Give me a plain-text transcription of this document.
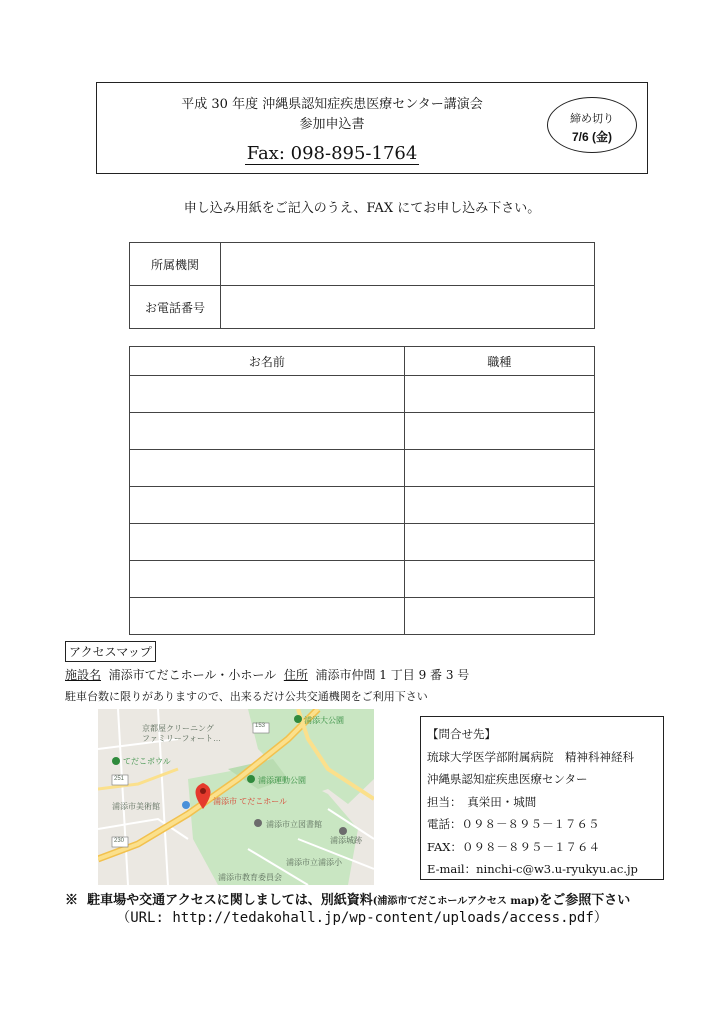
平成 30 年度 沖縄県認知症疾患医療センター講演会
参加申込書
Fax: 098-895-1764
締め切り
7/6 (金)
申し込み用紙をご記入のうえ、FAX にてお申し込み下さい。
所属機関	
お電話番号	
お名前	職種

アクセスマップ
施設名 浦添市てだこホール・小ホール 住所 浦添市仲間 1 丁目 9 番 3 号
駐車台数に限りがありますので、出来るだけ公共交通機関をご利用下さい
京都屋クリーニング
ファミリーフォート…
浦添大公園
153
てだこボウル
251	浦添運動公園
浦添市美術館
浦添市 てだこホール
230
浦添市立図書館
浦添城跡
浦添市立浦添小
浦添市教育委員会
【問合せ先】
琉球大学医学部附属病院　精神科神経科
沖縄県認知症疾患医療センター
担当：　真栄田・城間
電話：０９８－８９５－１７６５
FAX：０９８－８９５－１７６４
E-mail：ninchi-c@w3.u-ryukyu.ac.jp
※ 駐車場や交通アクセスに関しましては、別紙資料(浦添市てだこホールアクセス map)をご参照下さい
（URL: http://tedakohall.jp/wp-content/uploads/access.pdf）
